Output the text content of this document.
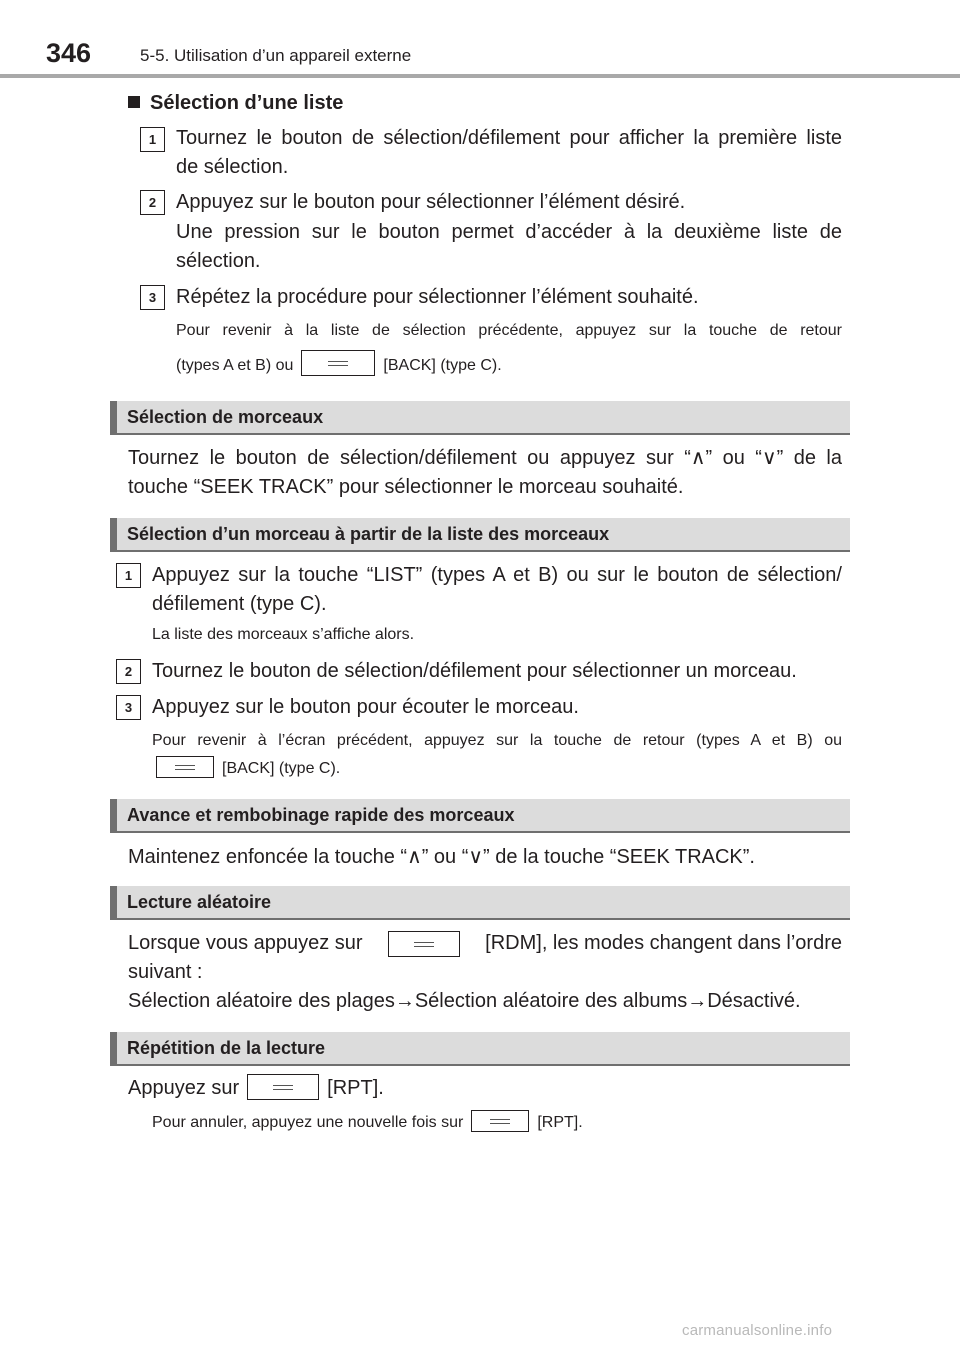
346	5-5. Utilisation d’un appareil externe
Sélection d’une liste
1 Tournez le bouton de sélection/défilement pour afficher la première liste
de sélection.
2 Appuyez sur le bouton pour sélectionner l’élément désiré.
Une pression sur le bouton permet d’accéder à la deuxième liste de
sélection.
3 Répétez la procédure pour sélectionner l’élément souhaité.
Pour revenir à la liste de sélection précédente, appuyez sur la touche de retour
(types A et B) ou	[BACK] (type C).
Sélection de morceaux
Tournez le bouton de sélection/défilement ou appuyez sur “∧” ou “∨” de la
touche “SEEK TRACK” pour sélectionner le morceau souhaité.
Sélection d’un morceau à partir de la liste des morceaux
1 Appuyez sur la touche “LIST” (types A et B) ou sur le bouton de sélection/
défilement (type C).
La liste des morceaux s’affiche alors.
2 Tournez le bouton de sélection/défilement pour sélectionner un morceau.
3 Appuyez sur le bouton pour écouter le morceau.
Pour revenir à l’écran précédent, appuyez sur la touche de retour (types A et B) ou
[BACK] (type C).
Avance et rembobinage rapide des morceaux
Maintenez enfoncée la touche “∧” ou “∨” de la touche “SEEK TRACK”.
Lecture aléatoire
Lorsque vous appuyez sur	[RDM], les modes changent dans l’ordre
suivant :
Sélection aléatoire des plages→Sélection aléatoire des albums→Désactivé.
Répétition de la lecture
Appuyez sur	[RPT].
Pour annuler, appuyez une nouvelle fois sur	[RPT].
carmanualsonline.info
